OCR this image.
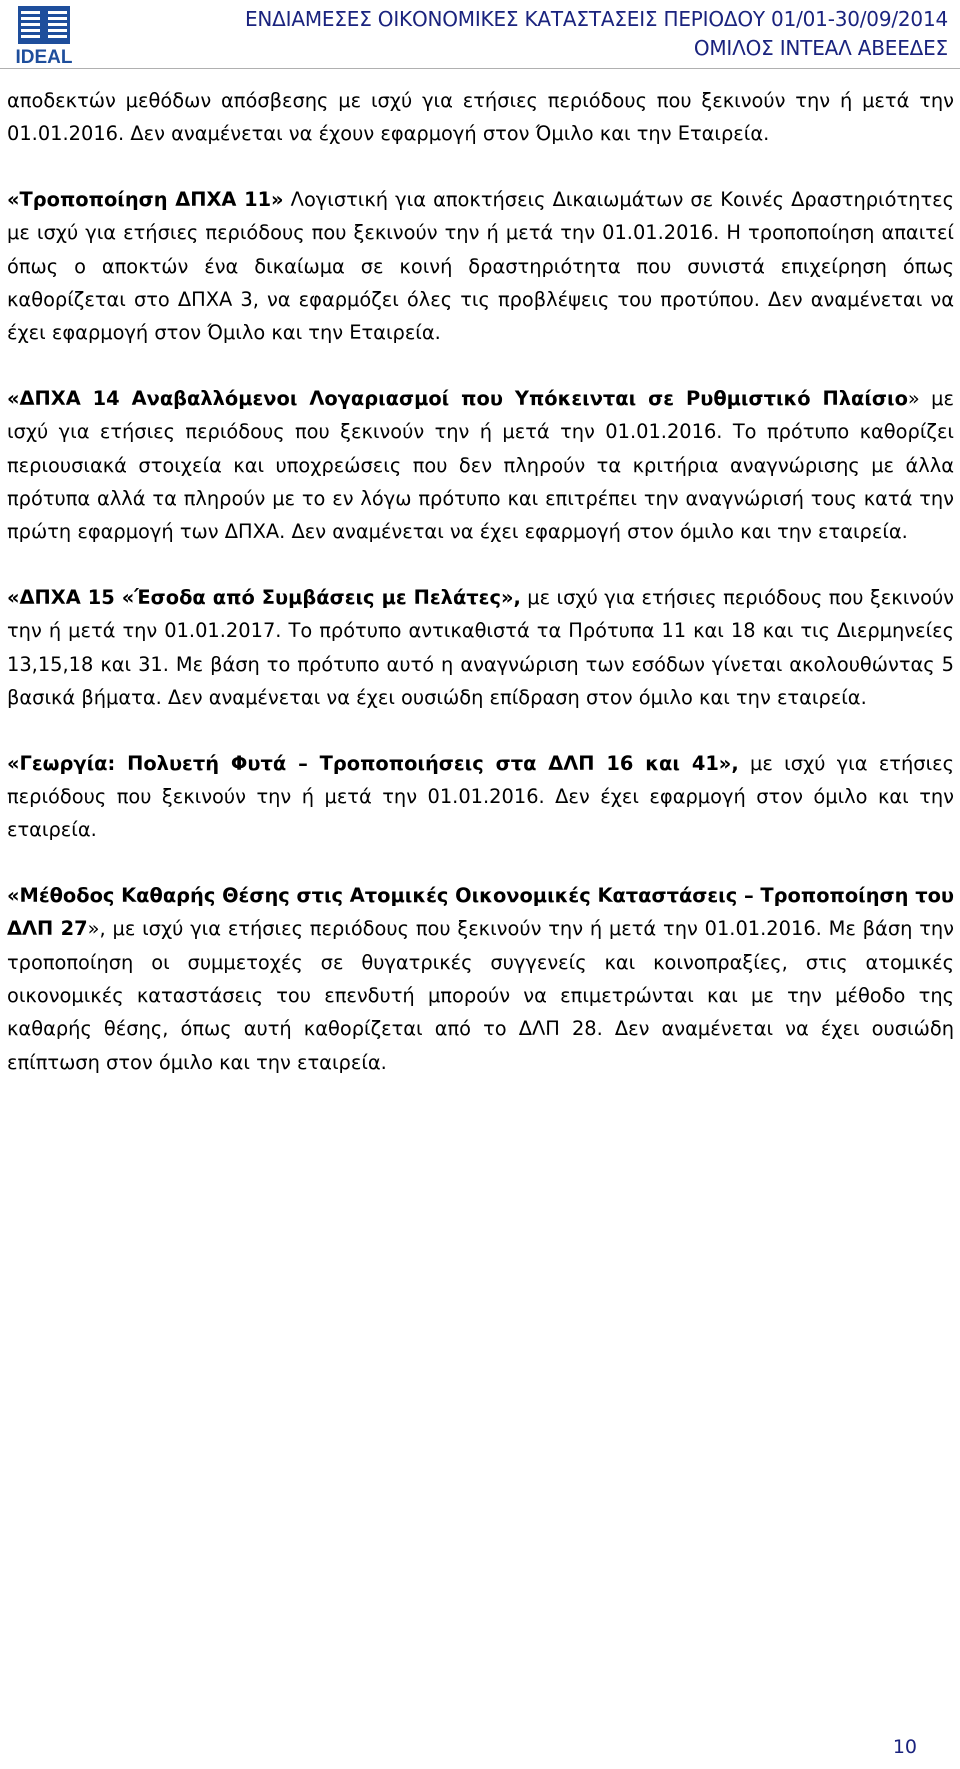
IDEAL
ΕΝΔΙΑΜΕΣΕΣ ΟΙΚΟΝΟΜΙΚΕΣ ΚΑΤΑΣΤΑΣΕΙΣ ΠΕΡΙΟΔΟΥ 01/01-30/09/2014
ΟΜΙΛΟΣ ΙΝΤΕΑΛ ΑΒΕΕΔΕΣ

αποδεκτών μεθόδων απόσβεσης με ισχύ για ετήσιες περιόδους που ξεκινούν την ή μετά την 01.01.2016. Δεν αναμένεται να έχουν εφαρμογή στον Όμιλο και την Εταιρεία.

«Τροποποίηση ΔΠΧΑ 11» Λογιστική για αποκτήσεις Δικαιωμάτων σε Κοινές Δραστηριότητες με ισχύ για ετήσιες περιόδους που ξεκινούν την ή μετά την 01.01.2016. Η τροποποίηση απαιτεί όπως ο αποκτών ένα δικαίωμα σε κοινή δραστηριότητα που συνιστά επιχείρηση όπως καθορίζεται στο ΔΠΧΑ 3, να εφαρμόζει όλες τις προβλέψεις του προτύπου. Δεν αναμένεται να έχει εφαρμογή στον Όμιλο και την Εταιρεία.

«ΔΠΧΑ 14 Αναβαλλόμενοι Λογαριασμοί που Υπόκεινται σε Ρυθμιστικό Πλαίσιο» με ισχύ για ετήσιες περιόδους που ξεκινούν την ή μετά την 01.01.2016. Το πρότυπο καθορίζει περιουσιακά στοιχεία και υποχρεώσεις που δεν πληρούν τα κριτήρια αναγνώρισης με άλλα πρότυπα αλλά τα πληρούν με το εν λόγω πρότυπο και επιτρέπει την αναγνώρισή τους κατά την πρώτη εφαρμογή των ΔΠΧΑ. Δεν αναμένεται να έχει εφαρμογή στον όμιλο και την εταιρεία.

«ΔΠΧΑ 15 «Έσοδα από Συμβάσεις με Πελάτες», με ισχύ για ετήσιες περιόδους που ξεκινούν την ή μετά την 01.01.2017. Το πρότυπο αντικαθιστά τα Πρότυπα 11 και 18 και τις Διερμηνείες 13,15,18 και 31. Με βάση το πρότυπο αυτό η αναγνώριση των εσόδων γίνεται ακολουθώντας 5 βασικά βήματα. Δεν αναμένεται να έχει ουσιώδη επίδραση στον όμιλο και την εταιρεία.

«Γεωργία: Πολυετή Φυτά – Τροποποιήσεις στα ΔΛΠ 16 και 41», με ισχύ για ετήσιες περιόδους που ξεκινούν την ή μετά την 01.01.2016. Δεν έχει εφαρμογή στον όμιλο και την εταιρεία.

«Μέθοδος Καθαρής Θέσης στις Ατομικές Οικονομικές Καταστάσεις – Τροποποίηση του ΔΛΠ 27», με ισχύ για ετήσιες περιόδους που ξεκινούν την ή μετά την 01.01.2016. Με βάση την τροποποίηση οι συμμετοχές σε θυγατρικές συγγενείς και κοινοπραξίες, στις ατομικές οικονομικές καταστάσεις του επενδυτή μπορούν να επιμετρώνται και με την μέθοδο της καθαρής θέσης, όπως αυτή καθορίζεται από το ΔΛΠ 28. Δεν αναμένεται να έχει ουσιώδη επίπτωση στον όμιλο και την εταιρεία.

10
